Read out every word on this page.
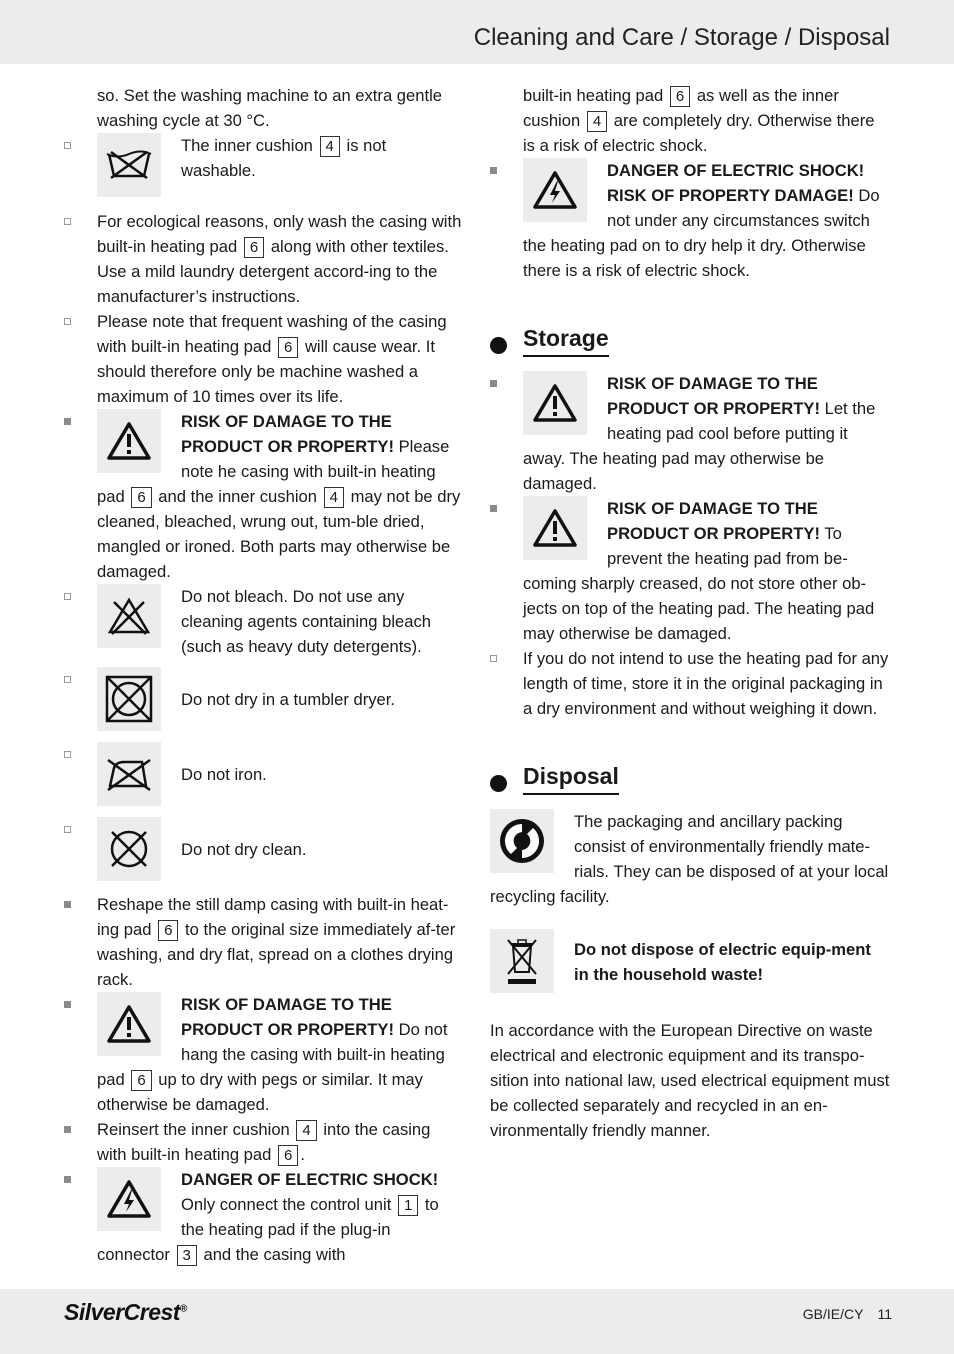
Cleaning and Care / Storage / Disposal

so. Set the washing machine to an extra gentle washing cycle at 30 °C.

The inner cushion 4 is not washable.

For ecological reasons, only wash the casing with built-in heating pad 6 along with other textiles. Use a mild laundry detergent accord-ing to the manufacturer’s instructions.

Please note that frequent washing of the casing with built-in heating pad 6 will cause wear. It should therefore only be machine washed a maximum of 10 times over its life.

RISK OF DAMAGE TO THE PRODUCT OR PROPERTY! Please note he casing with built-in heating pad 6 and the inner cushion 4 may not be dry cleaned, bleached, wrung out, tum-ble dried, mangled or ironed. Both parts may otherwise be damaged.

Do not bleach. Do not use any cleaning agents containing bleach (such as heavy duty detergents).

Do not dry in a tumbler dryer.

Do not iron.

Do not dry clean.

Reshape the still damp casing with built-in heat-ing pad 6 to the original size immediately af-ter washing, and dry flat, spread on a clothes drying rack.

RISK OF DAMAGE TO THE PRODUCT OR PROPERTY! Do not hang the casing with built-in heating pad 6 up to dry with pegs or similar. It may otherwise be damaged.

Reinsert the inner cushion 4 into the casing with built-in heating pad 6 .

DANGER OF ELECTRIC SHOCK! Only connect the control unit 1 to the heating pad if the plug-in connector 3 and the casing with

built-in heating pad 6 as well as the inner cushion 4 are completely dry. Otherwise there is a risk of electric shock.

DANGER OF ELECTRIC SHOCK! RISK OF PROPERTY DAMAGE! Do not under any circumstances switch the heating pad on to dry help it dry. Otherwise there is a risk of electric shock.

Storage

RISK OF DAMAGE TO THE PRODUCT OR PROPERTY! Let the heating pad cool before putting it away. The heating pad may otherwise be damaged.

RISK OF DAMAGE TO THE PRODUCT OR PROPERTY! To prevent the heating pad from be-coming sharply creased, do not store other ob-jects on top of the heating pad. The heating pad may otherwise be damaged.

If you do not intend to use the heating pad for any length of time, store it in the original packaging in a dry environment and without weighing it down.

Disposal

The packaging and ancillary packing consist of environmentally friendly mate-rials. They can be disposed of at your local recycling facility.

Do not dispose of electric equip-ment in the household waste!

In accordance with the European Directive on waste electrical and electronic equipment and its transpo-sition into national law, used electrical equipment must be collected separately and recycled in an en-vironmentally friendly manner.

SilverCrest®	GB/IE/CY 11
